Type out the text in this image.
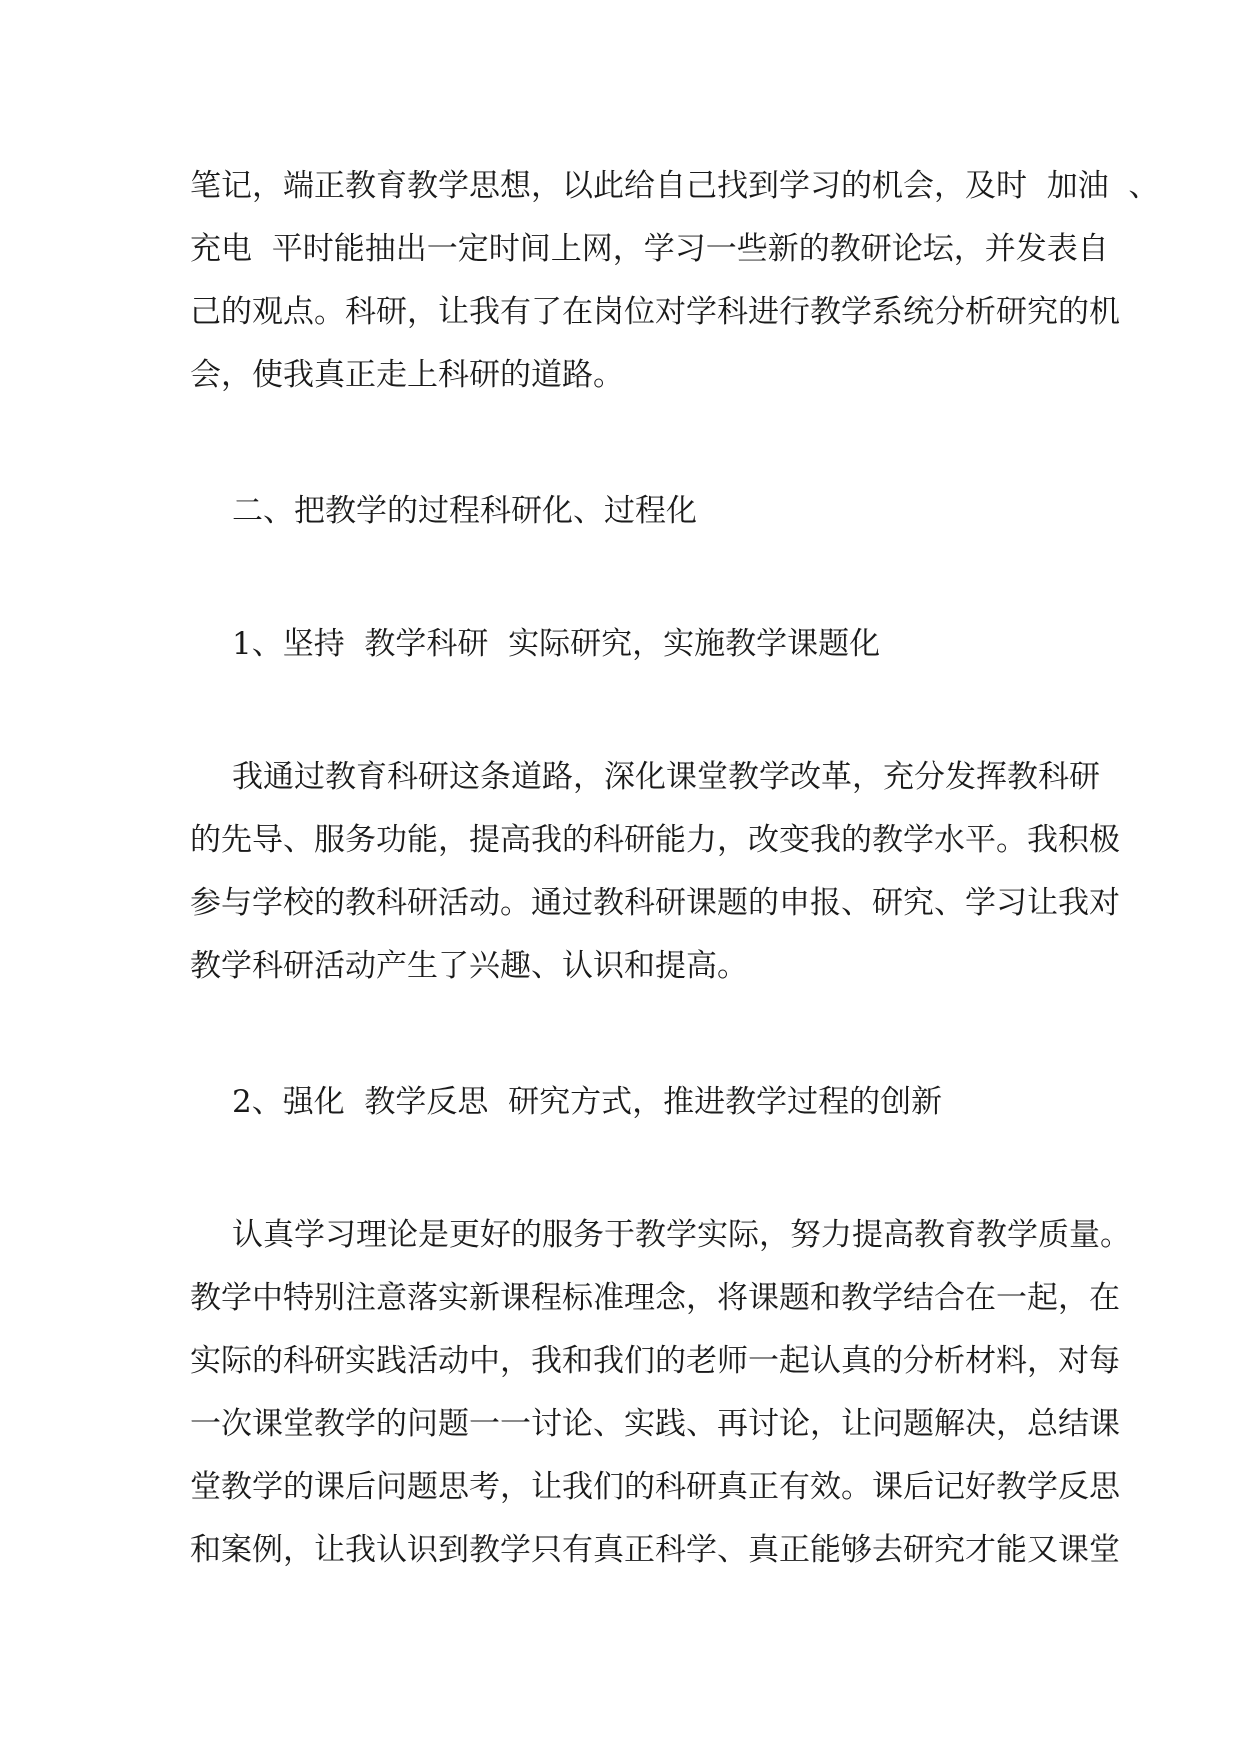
笔记，端正教育教学思想，以此给自己找到学习的机会，及时  加油  、

充电  平时能抽出一定时间上网，学习一些新的教研论坛，并发表自

己的观点。科研，让我有了在岗位对学科进行教学系统分析研究的机

会，使我真正走上科研的道路。

二、把教学的过程科研化、过程化

1、坚持  教学科研  实际研究，实施教学课题化

我通过教育科研这条道路，深化课堂教学改革，充分发挥教科研

的先导、服务功能，提高我的科研能力，改变我的教学水平。我积极

参与学校的教科研活动。通过教科研课题的申报、研究、学习让我对

教学科研活动产生了兴趣、认识和提高。

2、强化  教学反思  研究方式，推进教学过程的创新

认真学习理论是更好的服务于教学实际，努力提高教育教学质量。

教学中特别注意落实新课程标准理念，将课题和教学结合在一起，在

实际的科研实践活动中，我和我们的老师一起认真的分析材料，对每

一次课堂教学的问题一一讨论、实践、再讨论，让问题解决，总结课

堂教学的课后问题思考，让我们的科研真正有效。课后记好教学反思

和案例，让我认识到教学只有真正科学、真正能够去研究才能又课堂
